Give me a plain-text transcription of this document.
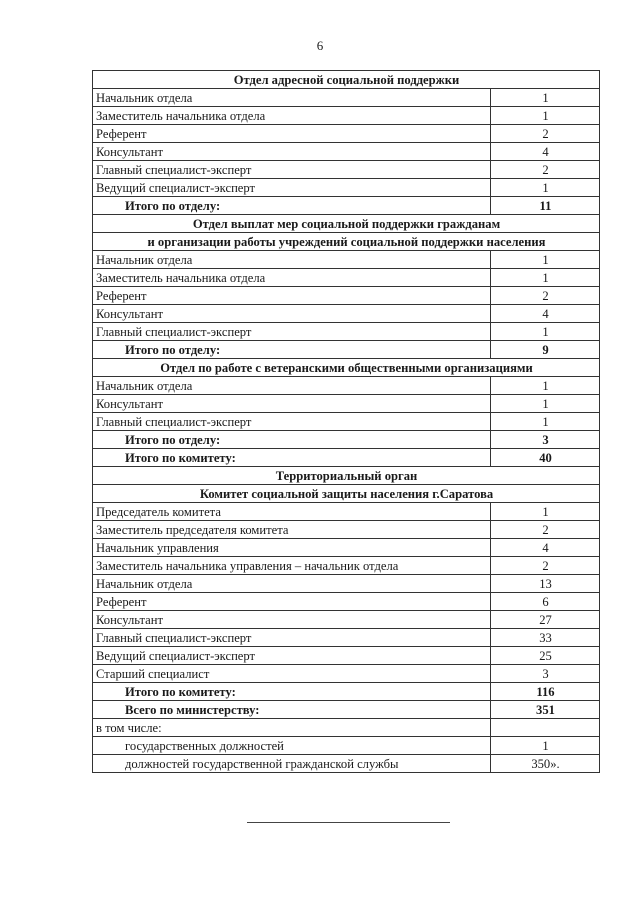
6
Отдел адресной социальной поддержки	
Начальник отдела	1
Заместитель начальника отдела	1
Референт	2
Консультант	4
Главный специалист-эксперт	2
Ведущий специалист-эксперт	1
Итого по отделу:	11
Отдел выплат мер социальной поддержки гражданам	
и организации работы учреждений социальной поддержки населения	
Начальник отдела	1
Заместитель начальника отдела	1
Референт	2
Консультант	4
Главный специалист-эксперт	1
Итого по отделу:	9
Отдел по работе с ветеранскими общественными организациями	
Начальник отдела	1
Консультант	1
Главный специалист-эксперт	1
Итого по отделу:	3
Итого по комитету:	40
Территориальный орган	
Комитет социальной защиты населения г.Саратова	
Председатель комитета	1
Заместитель председателя комитета	2
Начальник управления	4
Заместитель начальника управления – начальник отдела	2
Начальник отдела	13
Референт	6
Консультант	27
Главный специалист-эксперт	33
Ведущий специалист-эксперт	25
Старший специалист	3
Итого по комитету:	116
Всего по министерству:	351
в том числе:	
государственных должностей	1
должностей государственной гражданской службы	350».
